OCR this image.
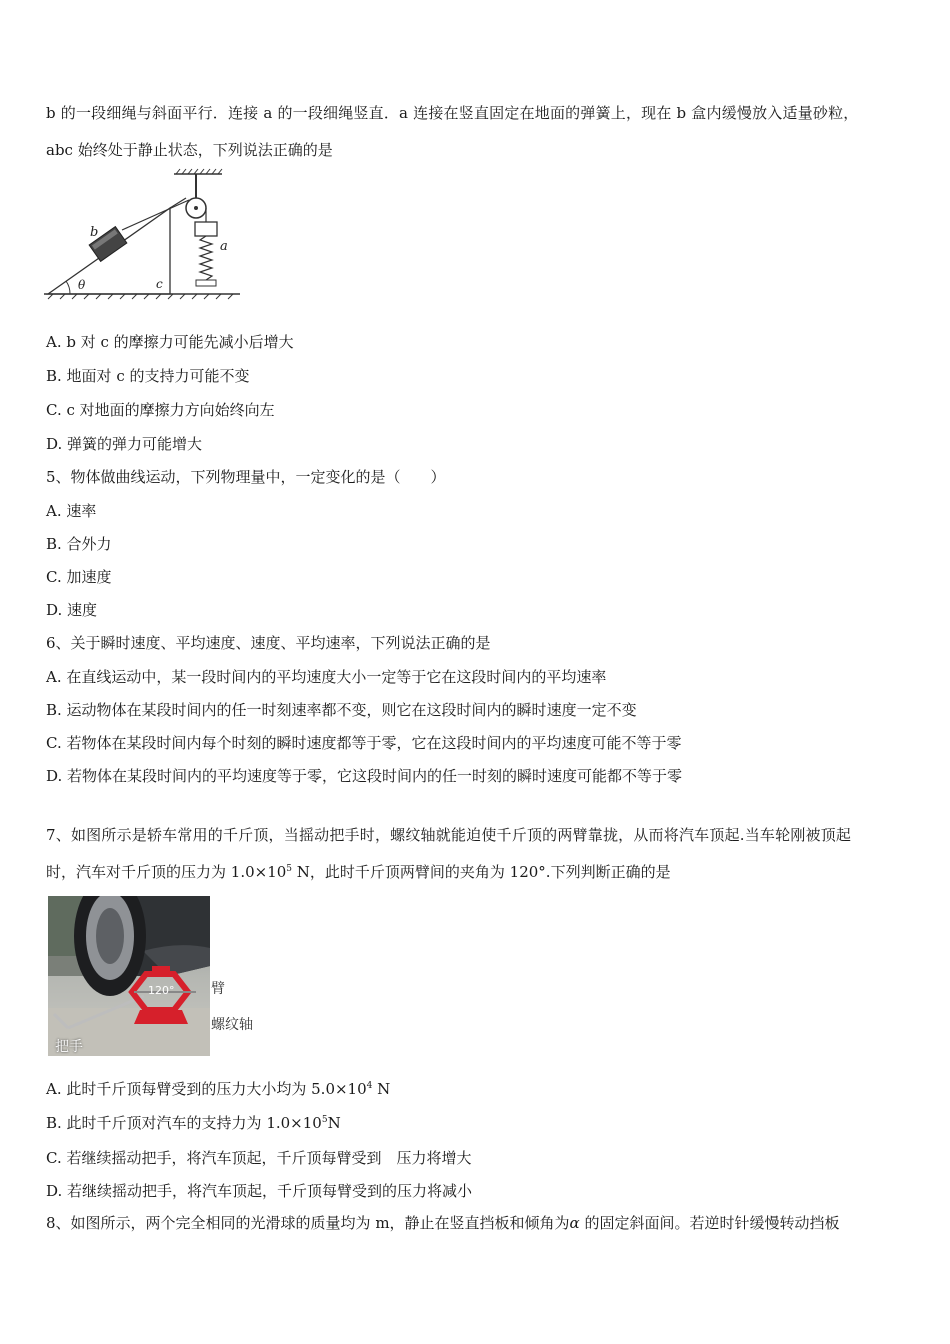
b 的一段细绳与斜面平行．连接 a 的一段细绳竖直．a 连接在竖直固定在地面的弹簧上，现在 b 盒内缓慢放入适量砂粒，
abc 始终处于静止状态，下列说法正确的是
b
a
c
θ
A. b 对 c 的摩擦力可能先减小后增大
B. 地面对 c 的支持力可能不变
C. c 对地面的摩擦力方向始终向左
D. 弹簧的弹力可能增大
5、物体做曲线运动，下列物理量中，一定变化的是（　　）
A. 速率
B. 合外力
C. 加速度
D. 速度
6、关于瞬时速度、平均速度、速度、平均速率，下列说法正确的是
A. 在直线运动中，某一段时间内的平均速度大小一定等于它在这段时间内的平均速率
B. 运动物体在某段时间内的任一时刻速率都不变，则它在这段时间内的瞬时速度一定不变
C. 若物体在某段时间内每个时刻的瞬时速度都等于零，它在这段时间内的平均速度可能不等于零
D. 若物体在某段时间内的平均速度等于零，它这段时间内的任一时刻的瞬时速度可能都不等于零
7、如图所示是轿车常用的千斤顶，当摇动把手时，螺纹轴就能迫使千斤顶的两臂靠拢，从而将汽车顶起.当车轮刚被顶起
时，汽车对千斤顶的压力为 $1.0\times 10^5$ N，此时千斤顶两臂间的夹角为 120°.下列判断正确的是
120°	臂
螺纹轴
把手
A. 此时千斤顶每臂受到的压力大小均为 $5.0\times 10^4$ N
B. 此时千斤顶对汽车的支持力为 $1.0\times 10^5N$
C. 若继续摇动把手，将汽车顶起，千斤顶每臂受到　压力将增大
D. 若继续摇动把手，将汽车顶起，千斤顶每臂受到的压力将减小
8、如图所示，两个完全相同的光滑球的质量均为 m，静止在竖直挡板和倾角为α 的固定斜面间。若逆时针缓慢转动挡板
